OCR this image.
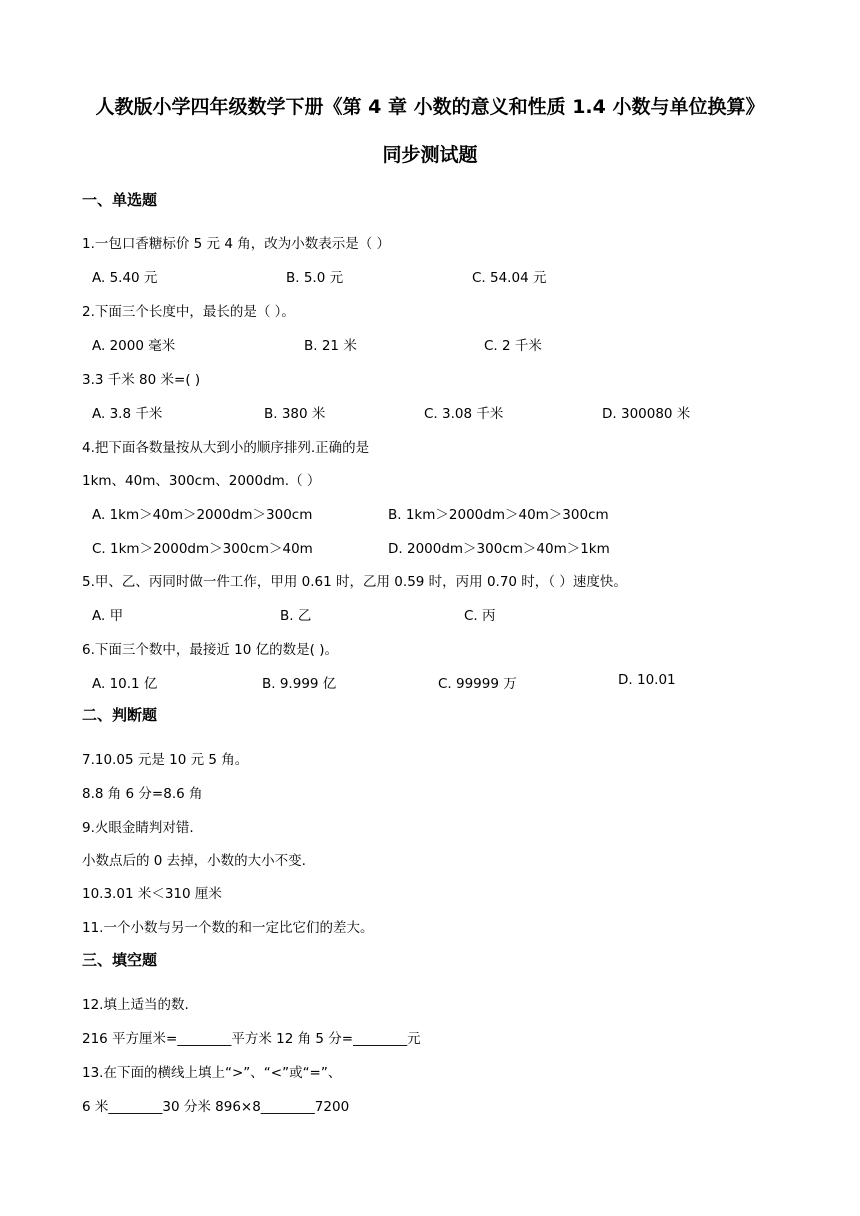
人教版小学四年级数学下册《第 4 章 小数的意义和性质 1.4 小数与单位换算》
同步测试题
一、单选题
1.一包口香糖标价 5 元 4 角，改为小数表示是（ ）
A. 5.40 元	B. 5.0 元	C. 54.04 元
2.下面三个长度中，最长的是（ ）。
A. 2000 毫米	B. 21 米	C. 2 千米
3.3 千米 80 米=( )
A. 3.8 千米	B. 380 米	C. 3.08 千米	D. 300080 米
4.把下面各数量按从大到小的顺序排列.正确的是
1km、40m、300cm、2000dm.（ ）
A. 1km＞40m＞2000dm＞300cm	B. 1km＞2000dm＞40m＞300cm
C. 1km＞2000dm＞300cm＞40m	D. 2000dm＞300cm＞40m＞1km
5.甲、乙、丙同时做一件工作，甲用 0.61 时，乙用 0.59 时，丙用 0.70 时，（ ）速度快。
A. 甲	B. 乙	C. 丙
6.下面三个数中，最接近 10 亿的数是( )。
A. 10.1 亿	B. 9.999 亿	C. 99999 万	D. 10.01
二、判断题
7.10.05 元是 10 元 5 角。
8.8 角 6 分=8.6 角
9.火眼金睛判对错.
小数点后的 0 去掉，小数的大小不变.
10.3.01 米＜310 厘米
11.一个小数与另一个数的和一定比它们的差大。
三、填空题
12.填上适当的数.
216 平方厘米=________平方米 12 角 5 分=________元
13.在下面的横线上填上“>”、“<”或“=”、
6 米________30 分米 896×8________7200
